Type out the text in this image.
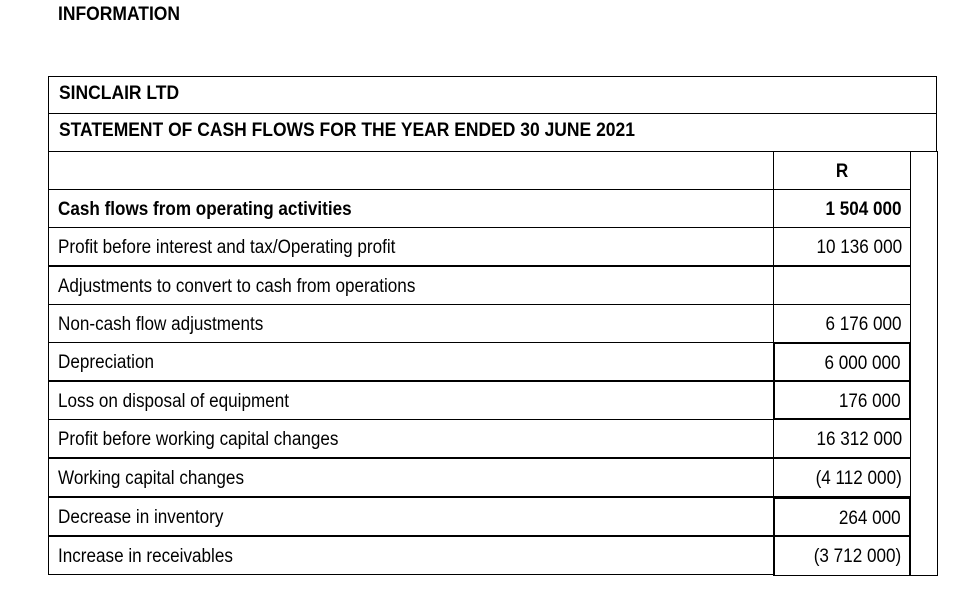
INFORMATION
SINCLAIR LTD
STATEMENT OF CASH FLOWS FOR THE YEAR ENDED 30 JUNE 2021
R
Cash flows from operating activities	1 504 000
Profit before interest and tax/Operating profit	10 136 000
Adjustments to convert to cash from operations
Non-cash flow adjustments	6 176 000
Depreciation	6 000 000
Loss on disposal of equipment	176 000
Profit before working capital changes	16 312 000
Working capital changes	(4 112 000)
Decrease in inventory	264 000
Increase in receivables	(3 712 000)
